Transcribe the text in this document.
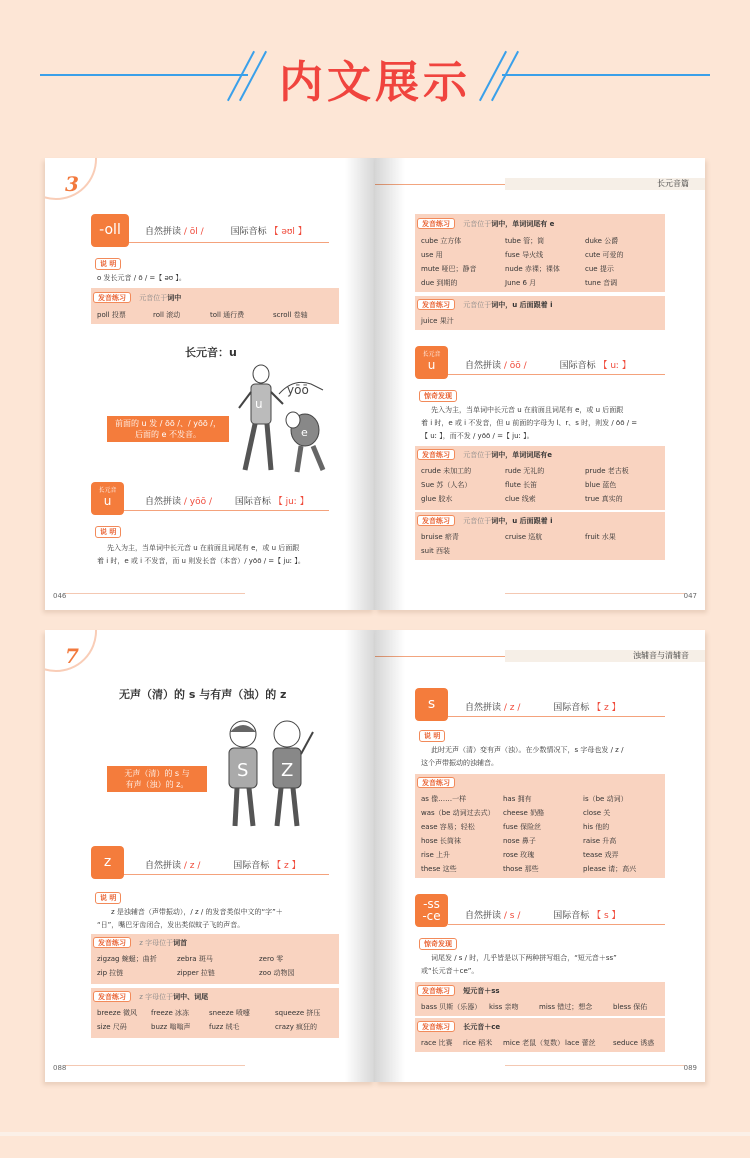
内文展示
3
-oll	自然拼读 / ōl /	国际音标 【 əʊl 】
说 明
o 发长元音 / ō / =【 əʊ 】。
发音练习 元音位于词中
poll 投票	roll 滚动	toll 通行费	scroll 卷轴
长元音：u
前面的 u 发 / ōō /、/ yōō /，
后面的 e 不发音。
u
yōō
e
长元音
u	自然拼读 / yōō /	国际音标 【 juː 】
说 明
先入为主，当单词中长元音 u 在前面且词尾有 e，或 u 后面跟
着 i 时，e 或 i 不发音，而 u 则发长音（本音）/ yōō / =【 juː 】。
046
长元音篇
发音练习 元音位于词中，单词词尾有 e
cube 立方体	tube 管；筒	duke 公爵
use 用	fuse 导火线	cute 可爱的
mute 哑巴；静音	nude 赤裸；裸体	cue 提示
due 到期的	June 6 月	tune 音调
发音练习 元音位于词中，u 后面跟着 i
juice 果汁
长元音
u	自然拼读 / ōō /	国际音标 【 uː 】
惊奇发现
先入为主，当单词中长元音 u 在前面且词尾有 e，或 u 后面跟
着 i 时，e 或 i 不发音，但 u 前面的字母为 l、r、s 时，则发 / ōō / =
【 uː 】，而不发 / yōō / =【 juː 】。
发音练习 元音位于词中，单词词尾有e
crude 未加工的	rude 无礼的	prude 老古板
Sue 苏（人名）	flute 长笛	blue 蓝色
glue 胶水	clue 线索	true 真实的
发音练习 元音位于词中，u 后面跟着 i
bruise 瘀青	cruise 巡航	fruit 水果
suit 西装
047
7
无声（清）的 s 与有声（浊）的 z
无声（清）的 s 与
有声（浊）的 z。
S Z
z	自然拼读 / z /	国际音标 【 z 】
说 明
z 是浊辅音（声带振动），/ z / 的发音类似中文的“字”＋
“日”，嘴巴牙齿闭合，发出类似蚊子飞的声音。
发音练习 z 字母位于词首
zigzag 蜿蜒；曲折	zebra 斑马	zero 零
zip 拉链	zipper 拉链	zoo 动物园
发音练习 z 字母位于词中、词尾
breeze 微风 freeze 冰冻	sneeze 喷嚏	squeeze 挤压
size 尺码	buzz 嗡嗡声	fuzz 绒毛	crazy 疯狂的
088
浊辅音与清辅音
s	自然拼读 / z /	国际音标 【 z 】
说 明
此时无声（清）变有声（浊）。在少数情况下，s 字母也发 / z /
这个声带振动的浊辅音。
发音练习
as 像……一样	has 拥有	is（be 动词）
was（be 动词过去式） cheese 奶酪	close 关
ease 容易；轻松	fuse 保险丝	his 他的
hose 长筒袜	nose 鼻子	raise 升高
rise 上升	rose 玫瑰	tease 戏弄
these 这些	those 那些	please 请；高兴
-ss
-ce	自然拼读 / s /	国际音标 【 s 】
惊奇发现
词尾发 / s / 时，几乎皆是以下两种拼写组合，“短元音＋ss”
或“长元音＋ce”。
发音练习 短元音＋ss
bass 贝斯（乐器） kiss 亲吻	miss 错过；想念	bless 保佑
发音练习 长元音＋ce
race 比赛 rice 稻米 mice 老鼠（复数） lace 蕾丝 seduce 诱惑
089
